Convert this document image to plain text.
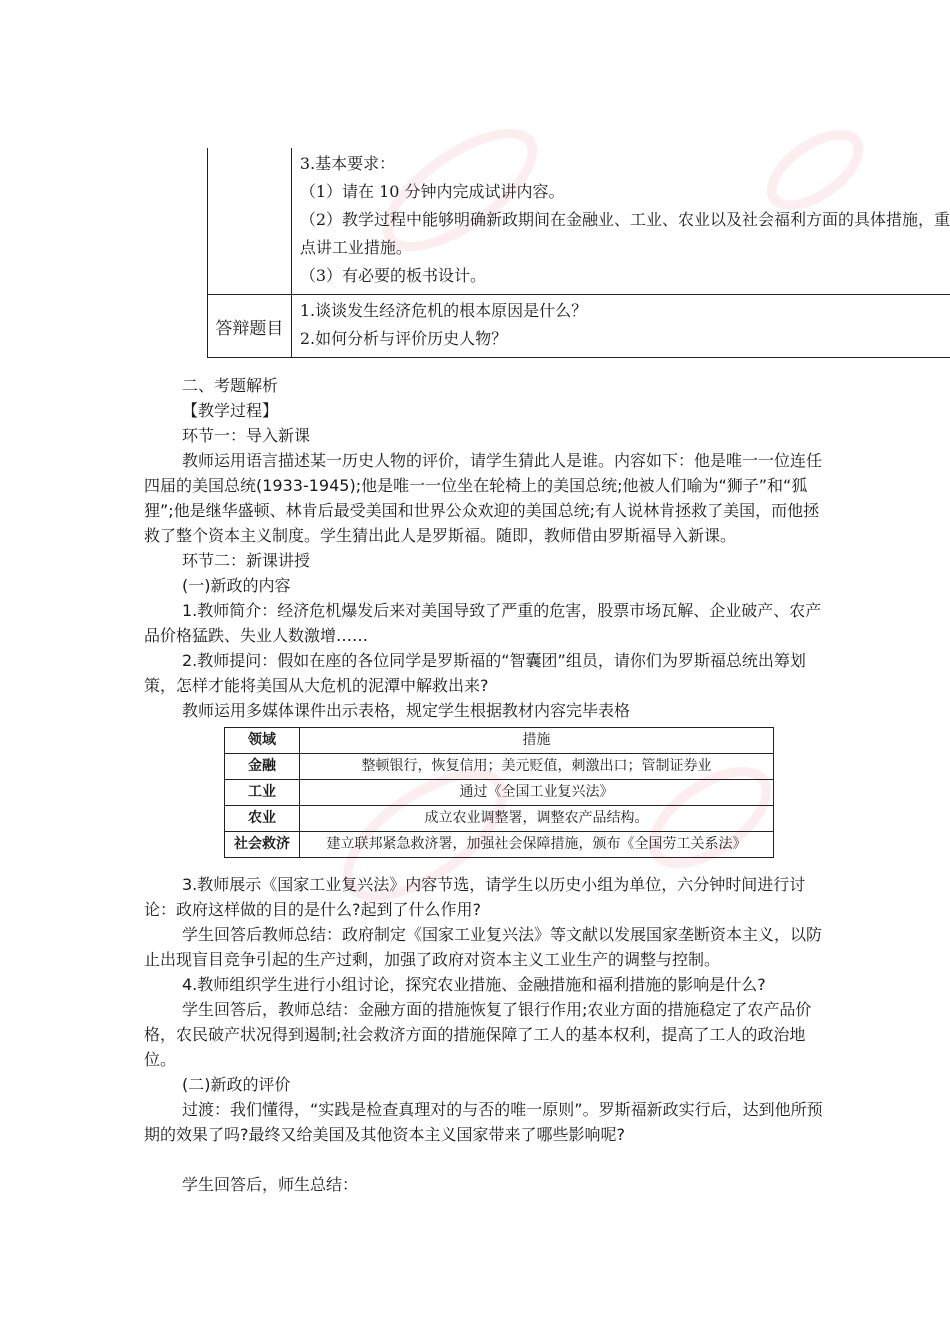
	3.基本要求：
（1）请在 10 分钟内完成试讲内容。
（2）教学过程中能够明确新政期间在金融业、工业、农业以及社会福利方面的具体措施，重
点讲工业措施。
（3）有必要的板书设计。

答辩题目	1.谈谈发生经济危机的根本原因是什么？
2.如何分析与评价历史人物？

二、考题解析

【教学过程】

环节一：导入新课

教师运用语言描述某一历史人物的评价，请学生猜此人是谁。内容如下：他是唯一一位连任四届的美国总统(1933-1945);他是唯一一位坐在轮椅上的美国总统;他被人们喻为“狮子”和“狐狸”;他是继华盛顿、林肯后最受美国和世界公众欢迎的美国总统;有人说林肯拯救了美国，而他拯救了整个资本主义制度。学生猜出此人是罗斯福。随即，教师借由罗斯福导入新课。

环节二：新课讲授

(一)新政的内容

1.教师简介：经济危机爆发后来对美国导致了严重的危害，股票市场瓦解、企业破产、农产品价格猛跌、失业人数激增……

2.教师提问：假如在座的各位同学是罗斯福的“智囊团”组员，请你们为罗斯福总统出筹划策，怎样才能将美国从大危机的泥潭中解救出来?

教师运用多媒体课件出示表格，规定学生根据教材内容完毕表格

领域	措施
金融	整顿银行，恢复信用；美元贬值，刺激出口；管制证券业
工业	通过《全国工业复兴法》
农业	成立农业调整署，调整农产品结构。
社会救济	建立联邦紧急救济署，加强社会保障措施，颁布《全国劳工关系法》

3.教师展示《国家工业复兴法》内容节选，请学生以历史小组为单位，六分钟时间进行讨论：政府这样做的目的是什么?起到了什么作用?

学生回答后教师总结：政府制定《国家工业复兴法》等文献以发展国家垄断资本主义，以防止出现盲目竞争引起的生产过剩，加强了政府对资本主义工业生产的调整与控制。

4.教师组织学生进行小组讨论，探究农业措施、金融措施和福利措施的影响是什么?

学生回答后，教师总结：金融方面的措施恢复了银行作用;农业方面的措施稳定了农产品价格，农民破产状况得到遏制;社会救济方面的措施保障了工人的基本权利，提高了工人的政治地位。

(二)新政的评价

过渡：我们懂得，“实践是检查真理对的与否的唯一原则”。罗斯福新政实行后，达到他所预期的效果了吗?最终又给美国及其他资本主义国家带来了哪些影响呢?

学生回答后，师生总结：
